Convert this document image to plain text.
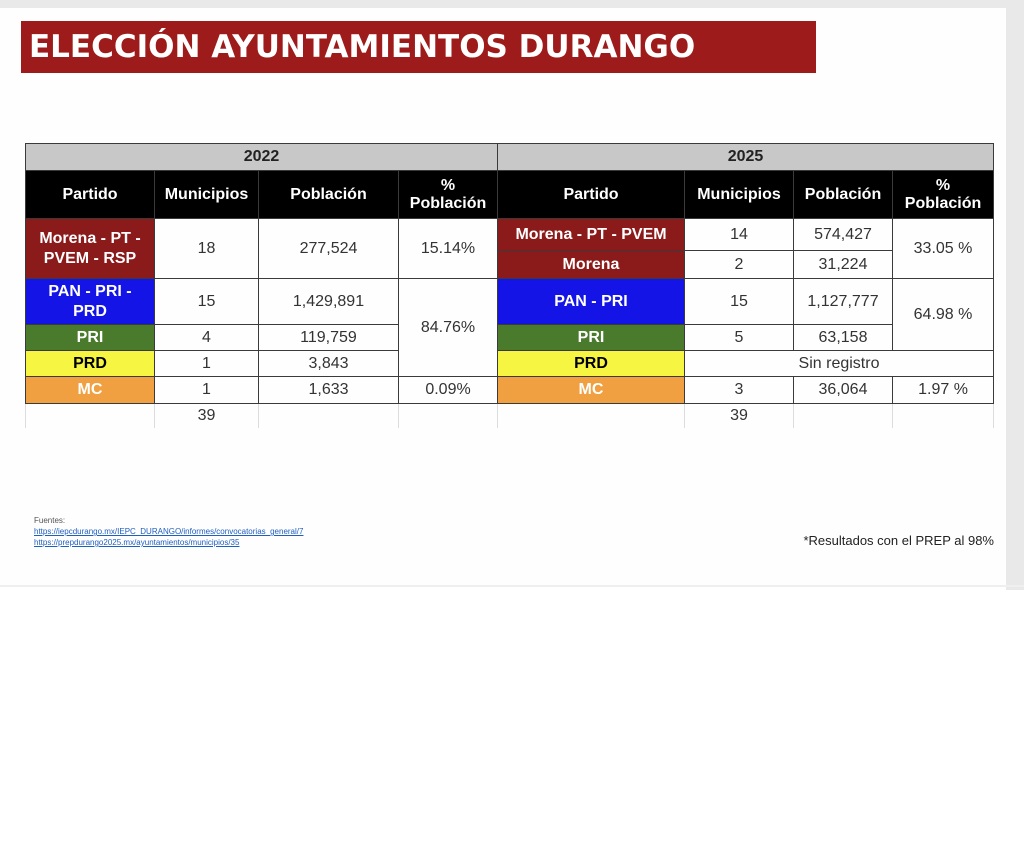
ELECCIÓN AYUNTAMIENTOS DURANGO
2022			
Partido	Municipios	Población	%
Población
Morena - PT -
PVEM - RSP	18	277,524	15.14%
PAN - PRI -
PRD	15	1,429,891	84.76%
PRI	4	119,759	
PRD	1	3,843	
MC	1	1,633	0.09%
	39		
2025			
Partido	Municipios	Población	%
Población
Morena - PT - PVEM	14	574,427	33.05 %
Morena	2	31,224	
PAN - PRI	15	1,127,777	64.98 %
PRI	5	63,158	
PRD	Sin registro		
MC	3	36,064	1.97 %
	39		
Fuentes:
https://iepcdurango.mx/IEPC_DURANGO/informes/convocatorias_general/7
https://prepdurango2025.mx/ayuntamientos/municipios/35	*Resultados con el PREP al 98%
